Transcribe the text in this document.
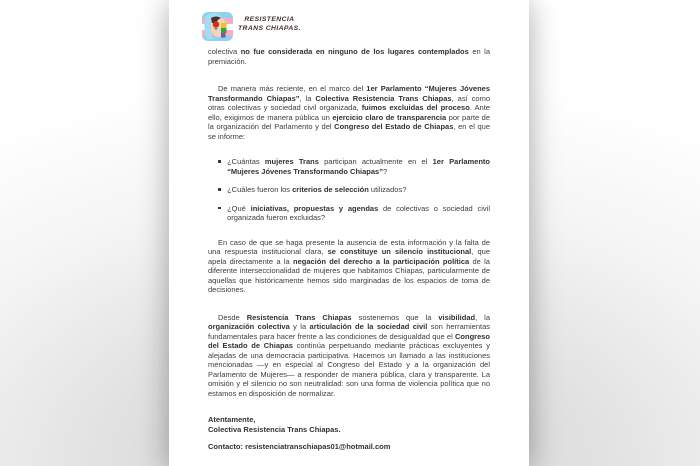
RESISTENCIA
TRANS CHIAPAS.

colectiva no fue considerada en ninguno de los lugares contemplados en la premiación.

De manera más reciente, en el marco del 1er Parlamento “Mujeres Jóvenes Transformando Chiapas”, la Colectiva Resistencia Trans Chiapas, así como otras colectivas y sociedad civil organizada, fuimos excluidas del proceso. Ante ello, exigimos de manera pública un ejercicio claro de transparencia por parte de la organización del Parlamento y del Congreso del Estado de Chiapas, en el que se informe:

¿Cuántas mujeres Trans participan actualmente en el 1er Parlamento “Mujeres Jóvenes Transformando Chiapas”?
¿Cuáles fueron los criterios de selección utilizados?
¿Qué iniciativas, propuestas y agendas de colectivas o sociedad civil organizada fueron excluidas?

En caso de que se haga presente la ausencia de esta información y la falta de una respuesta institucional clara, se constituye un silencio institucional, que apela directamente a la negación del derecho a la participación política de la diferente interseccionalidad de mujeres que habitamos Chiapas, particularmente de aquellas que históricamente hemos sido marginadas de los espacios de toma de decisiones.

Desde Resistencia Trans Chiapas sostenemos que la visibilidad, la organización colectiva y la articulación de la sociedad civil son herramientas fundamentales para hacer frente a las condiciones de desigualdad que el Congreso del Estado de Chiapas continúa perpetuando mediante prácticas excluyentes y alejadas de una democracia participativa. Hacemos un llamado a las instituciones mencionadas —y en especial al Congreso del Estado y a la organización del Parlamento de Mujeres— a responder de manera pública, clara y transparente. La omisión y el silencio no son neutralidad: son una forma de violencia política que no estamos en disposición de normalizar.

Atentamente,
Colectiva Resistencia Trans Chiapas.
Contacto: resistenciatranschiapas01@hotmail.com
